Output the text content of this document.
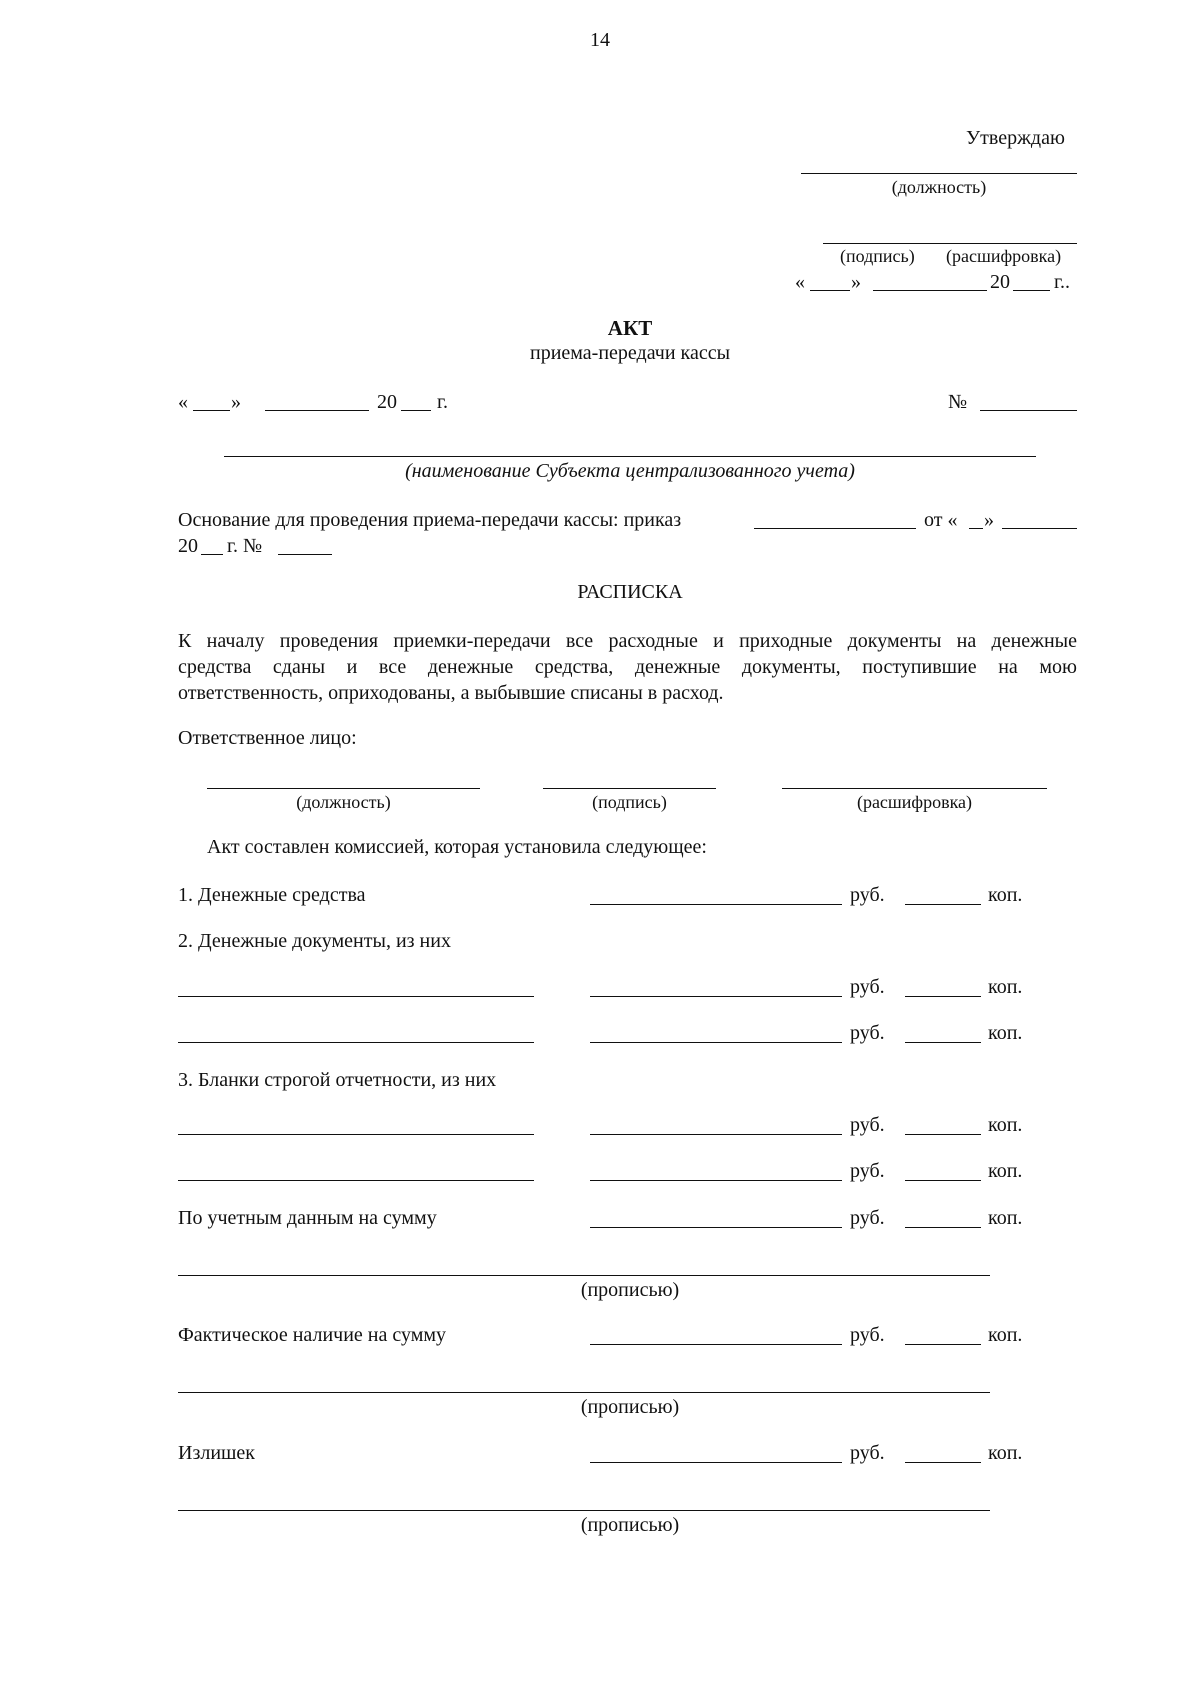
14
Утверждаю
(должность)
(подпись) (расшифровка)
« »	20 г..
АКТ
приема-передачи кассы
« »	20 г.	№
(наименование Субъекта централизованного учета)
Основание для проведения приема-передачи кассы: приказ	от « »
20 г. №
РАСПИСКА
К началу проведения приемки-передачи все расходные и приходные документы на денежные
средства сданы и все денежные средства, денежные документы, поступившие на мою
ответственность, оприходованы, а выбывшие списаны в расход.
Ответственное лицо:
(должность)	(подпись)	(расшифровка)
Акт составлен комиссией, которая установила следующее:
1. Денежные средства	руб.	коп.
2. Денежные документы, из них
руб.	коп.
руб.	коп.
3. Бланки строгой отчетности, из них
руб.	коп.
руб.	коп.
По учетным данным на сумму	руб.	коп.
(прописью)
Фактическое наличие на сумму	руб.	коп.
(прописью)
Излишек	руб.	коп.
(прописью)
